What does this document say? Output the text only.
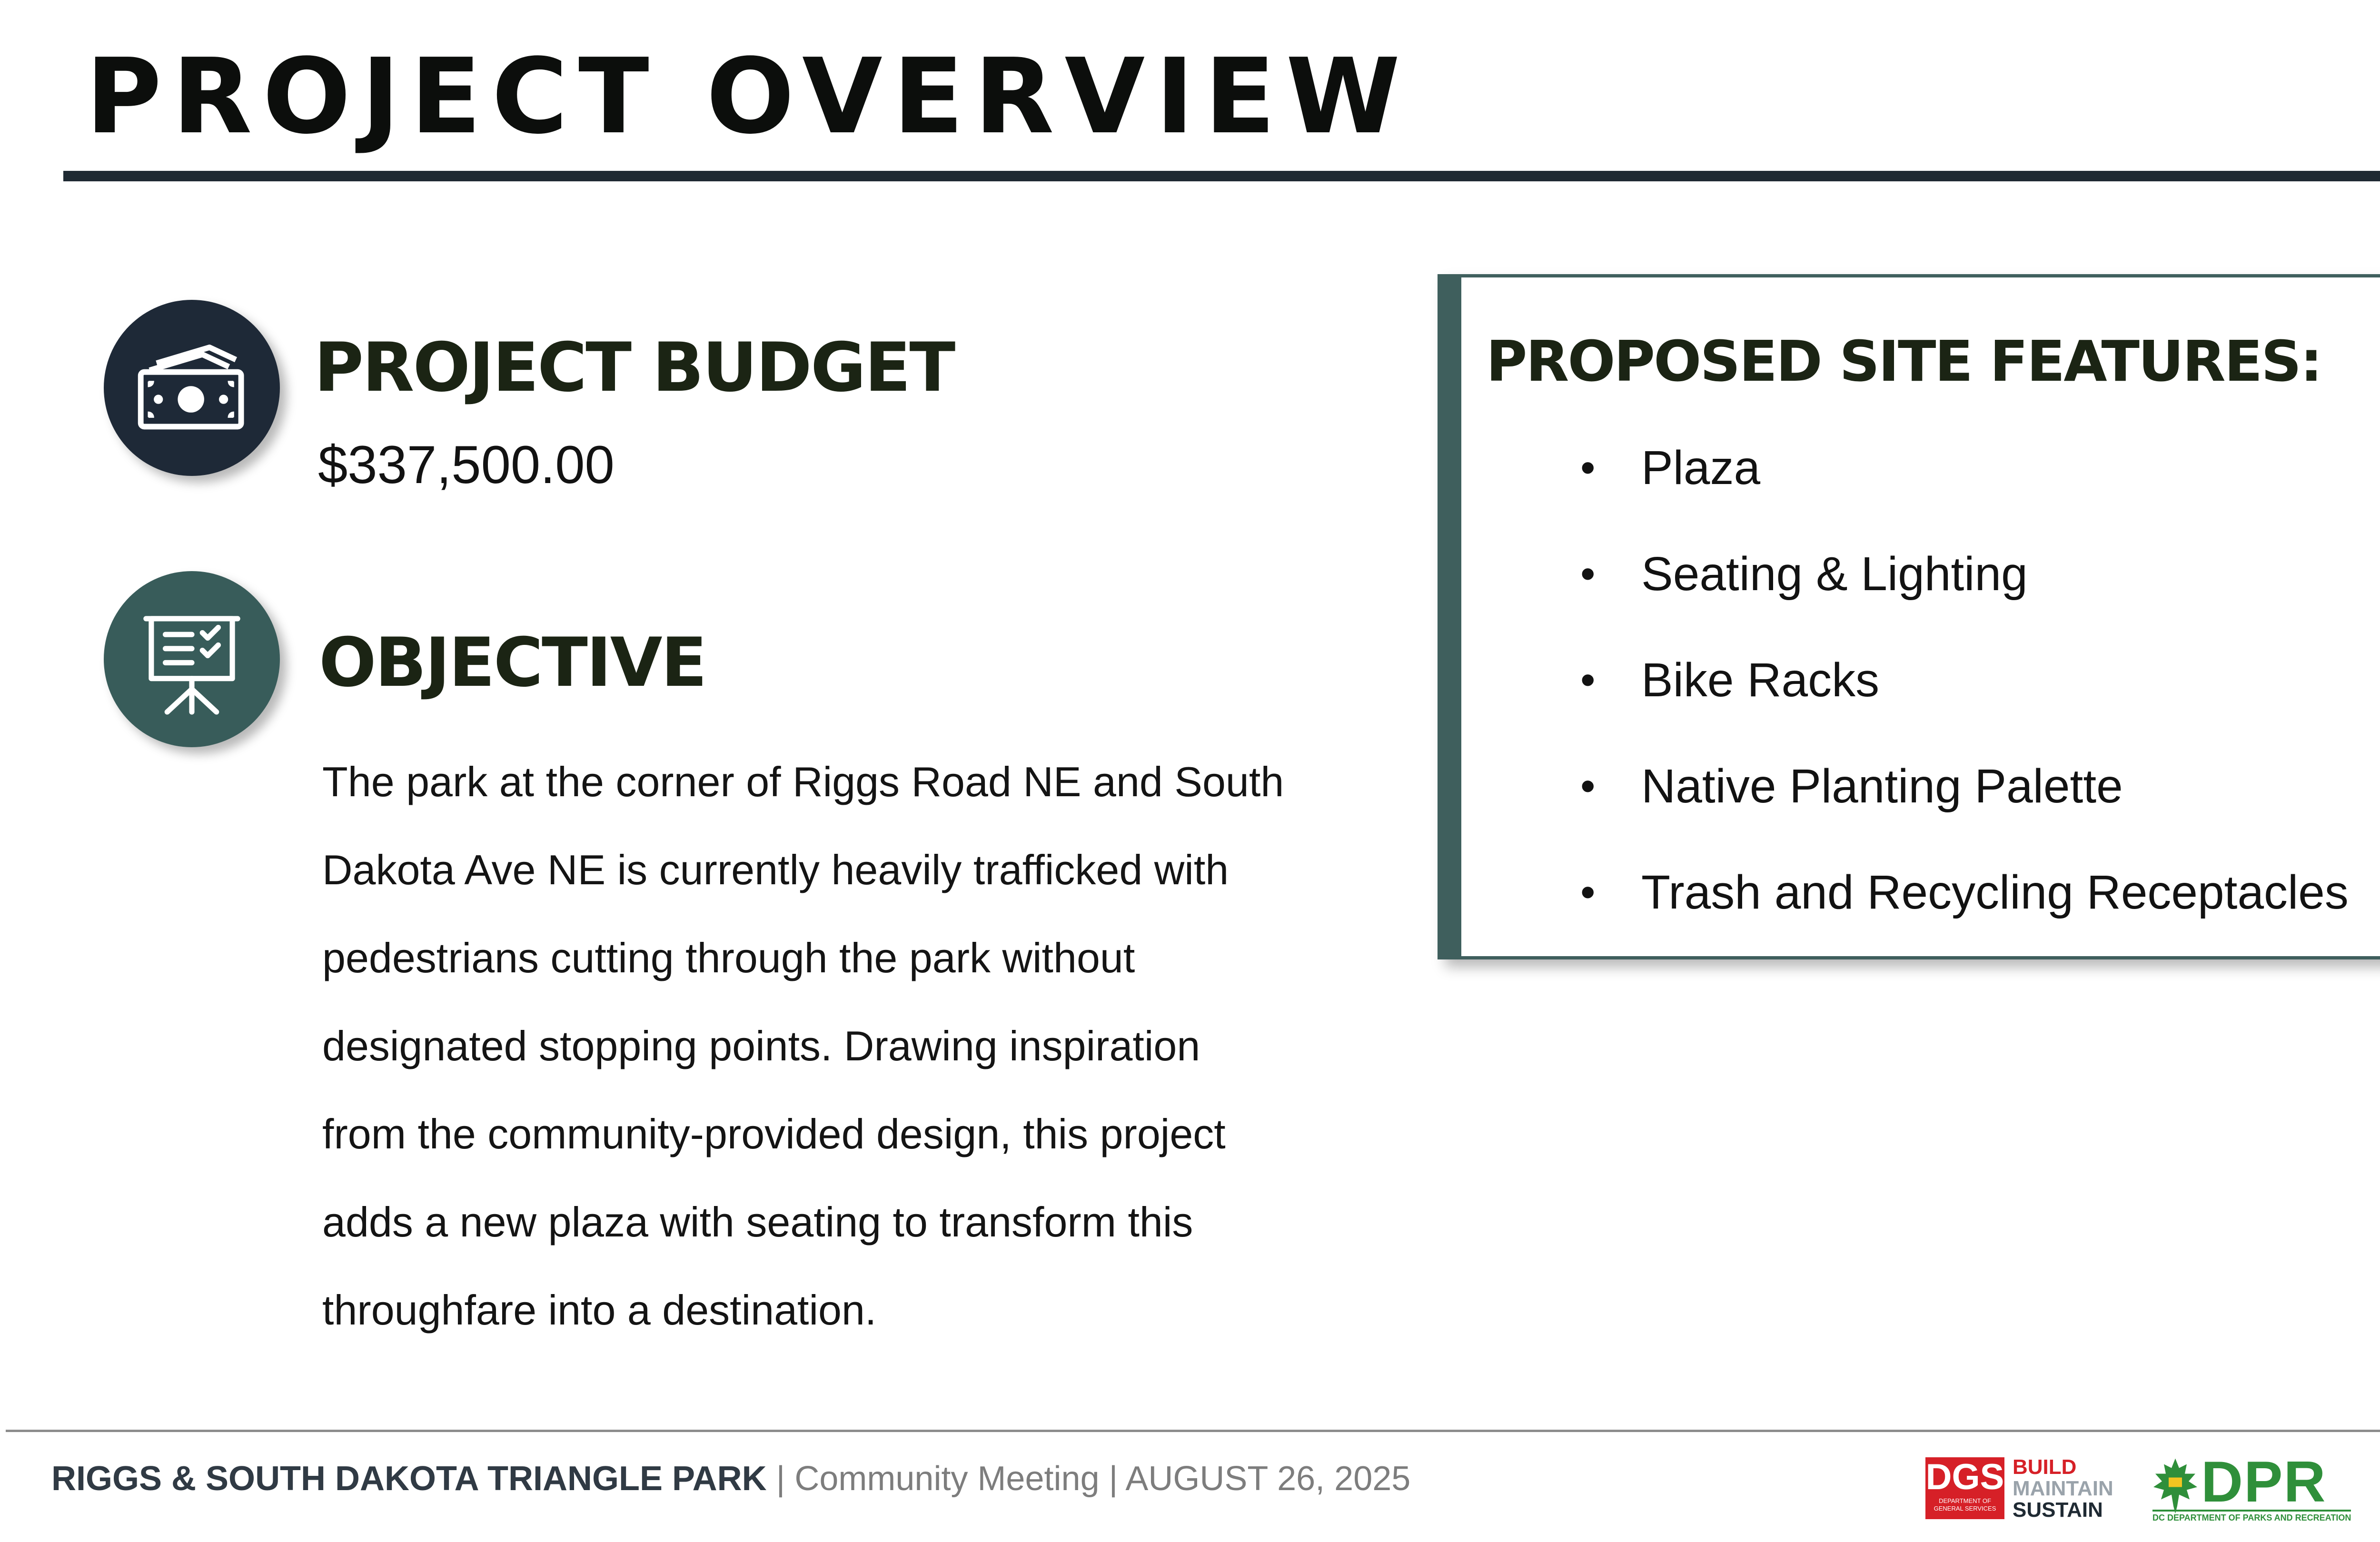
PROJECT OVERVIEW
PROJECT BUDGET
$337,500.00
OBJECTIVE
The park at the corner of Riggs Road NE and South
Dakota Ave NE is currently heavily trafficked with
pedestrians cutting through the park without
designated stopping points. Drawing inspiration
from the community-provided design, this project
adds a new plaza with seating to transform this
throughfare into a destination.
PROPOSED SITE FEATURES:
• Plaza
• Seating & Lighting
• Bike Racks
• Native Planting Palette
• Trash and Recycling Receptacles
RIGGS & SOUTH DAKOTA TRIANGLE PARK | Community Meeting | AUGUST 26, 2025	DGS
DEPARTMENT OF
GENERAL SERVICES
BUILD
MAINTAIN
SUSTAIN DPR
DC DEPARTMENT OF PARKS AND RECREATION
